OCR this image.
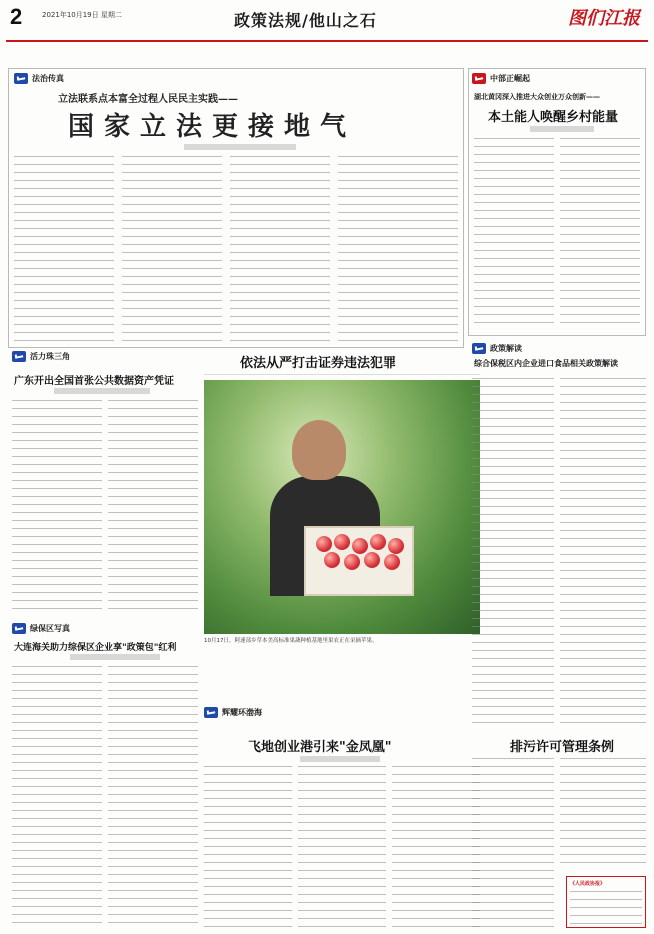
2	2021年10月19日 星期二	政策法规/他山之石	图们江报
法治传真
立法联系点本富全过程人民民主实践——
国家立法更接地气
中部正崛起
湖北黄冈深入推进大众创业万众创新——
本土能人唤醒乡村能量
活力珠三角
广东开出全国首张公共数据资产凭证
依法从严打击证券违法犯罪
10月17日，阿速部乡草本美高标准果蔬种植基地里果农正在采摘苹果。
绿保区写真
大连海关助力综保区企业享"政策包"红利
辉耀环渤海
飞地创业港引来"金凤凰"
政策解读
综合保税区内企业进口食品相关政策解读
排污许可管理条例
《人民政协报》
